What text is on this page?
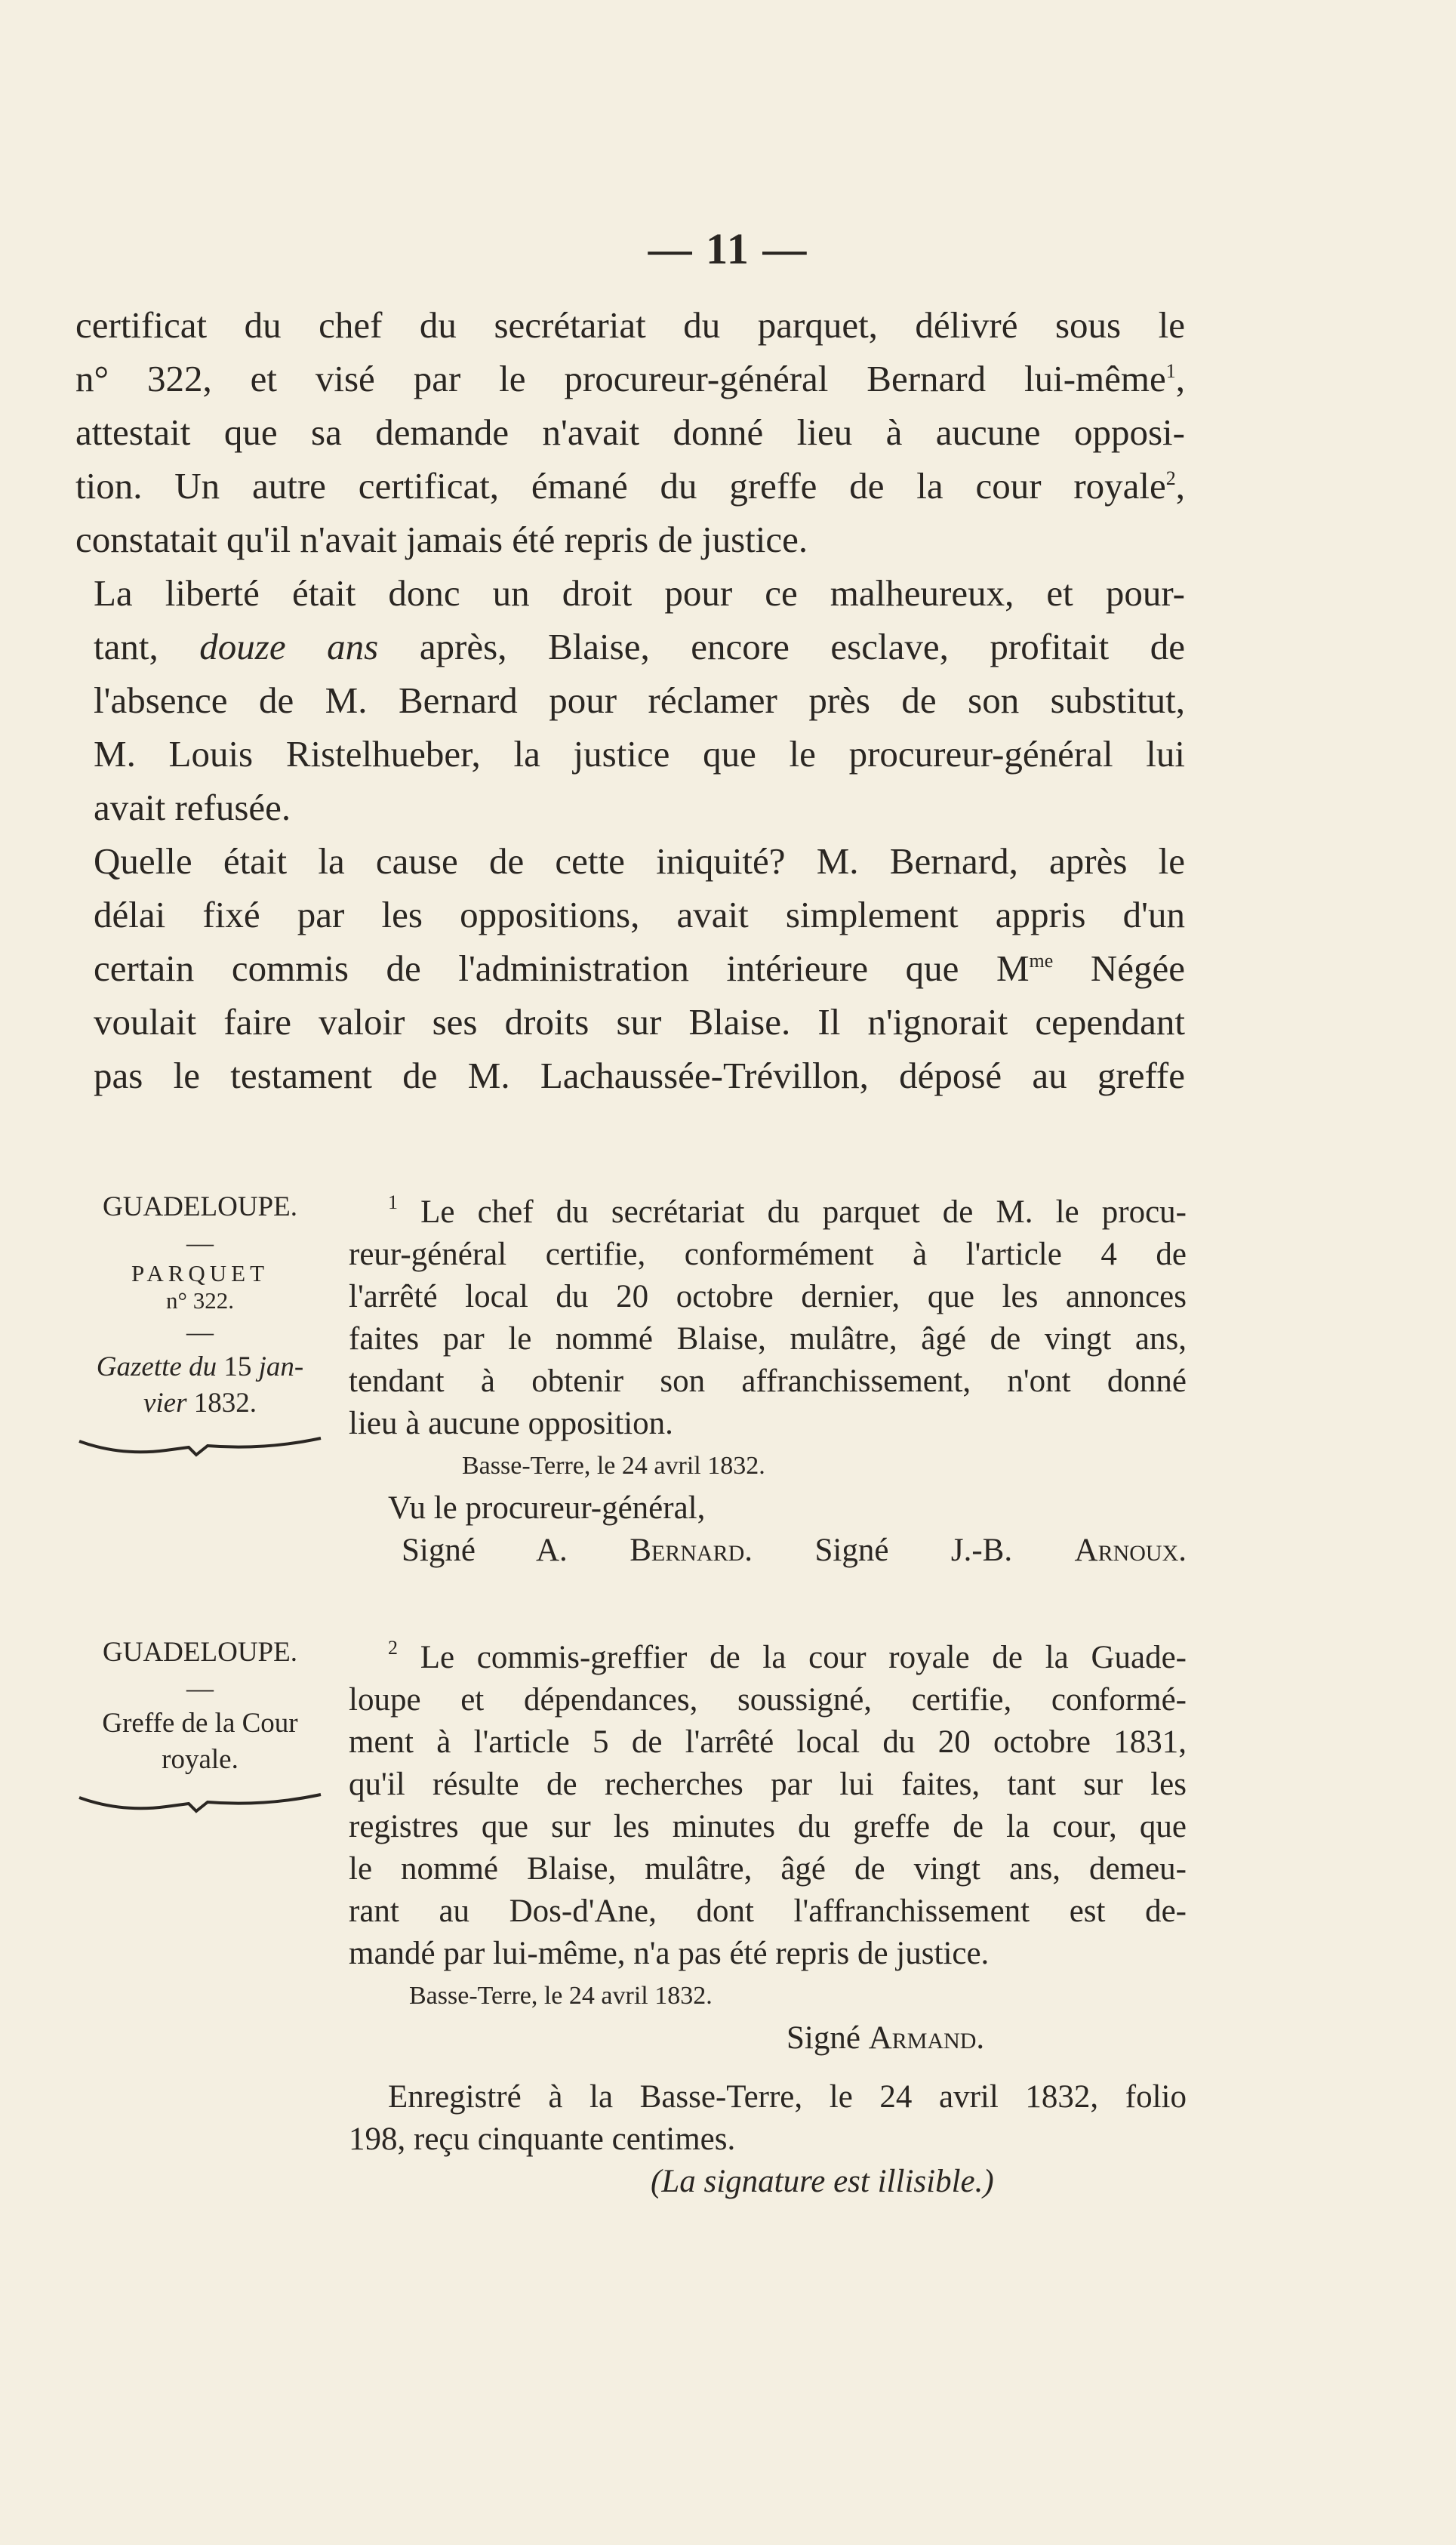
— 11 —

certificat du chef du secrétariat du parquet, délivré sous le
n° 322, et visé par le procureur-général Bernard lui-même$^1$,
attestait que sa demande n'avait donné lieu à aucune opposi-
tion. Un autre certificat, émané du greffe de la cour royale$^2$,
constatait qu'il n'avait jamais été repris de justice.

La liberté était donc un droit pour ce malheureux, et pour-
tant, douze ans après, Blaise, encore esclave, profitait de
l'absence de M. Bernard pour réclamer près de son substitut,
M. Louis Ristelhueber, la justice que le procureur-général lui
avait refusée.

Quelle était la cause de cette iniquité? M. Bernard, après le
délai fixé par les oppositions, avait simplement appris d'un
certain commis de l'administration intérieure que $M^{me}$ Négée
voulait faire valoir ses droits sur Blaise. Il n'ignorait cependant
pas le testament de M. Lachaussée-Trévillon, déposé au greffe

GUADELOUPE.
—
PARQUET
n° 322.
—
Gazette du 15 jan-
vier 1832.
$^1$ Le chef du secrétariat du parquet de M. le procu-
reur-général certifie, conformément à l'article 4 de
l'arrêté local du 20 octobre dernier, que les annonces
faites par le nommé Blaise, mulâtre, âgé de vingt ans,
tendant à obtenir son affranchissement, n'ont donné
lieu à aucune opposition.
Basse-Terre, le 24 avril 1832.
Vu le procureur-général,
Signé A. Bernard. Signé J.-B. Arnoux.
GUADELOUPE.
—
Greffe de la Cour
royale.
$^2$ Le commis-greffier de la cour royale de la Guade-
loupe et dépendances, soussigné, certifie, conformé-
ment à l'article 5 de l'arrêté local du 20 octobre 1831,
qu'il résulte de recherches par lui faites, tant sur les
registres que sur les minutes du greffe de la cour, que
le nommé Blaise, mulâtre, âgé de vingt ans, demeu-
rant au Dos-d'Ane, dont l'affranchissement est de-
mandé par lui-même, n'a pas été repris de justice.
Basse-Terre, le 24 avril 1832.
Signé Armand.
Enregistré à la Basse-Terre, le 24 avril 1832, folio
198, reçu cinquante centimes.
(La signature est illisible.)
